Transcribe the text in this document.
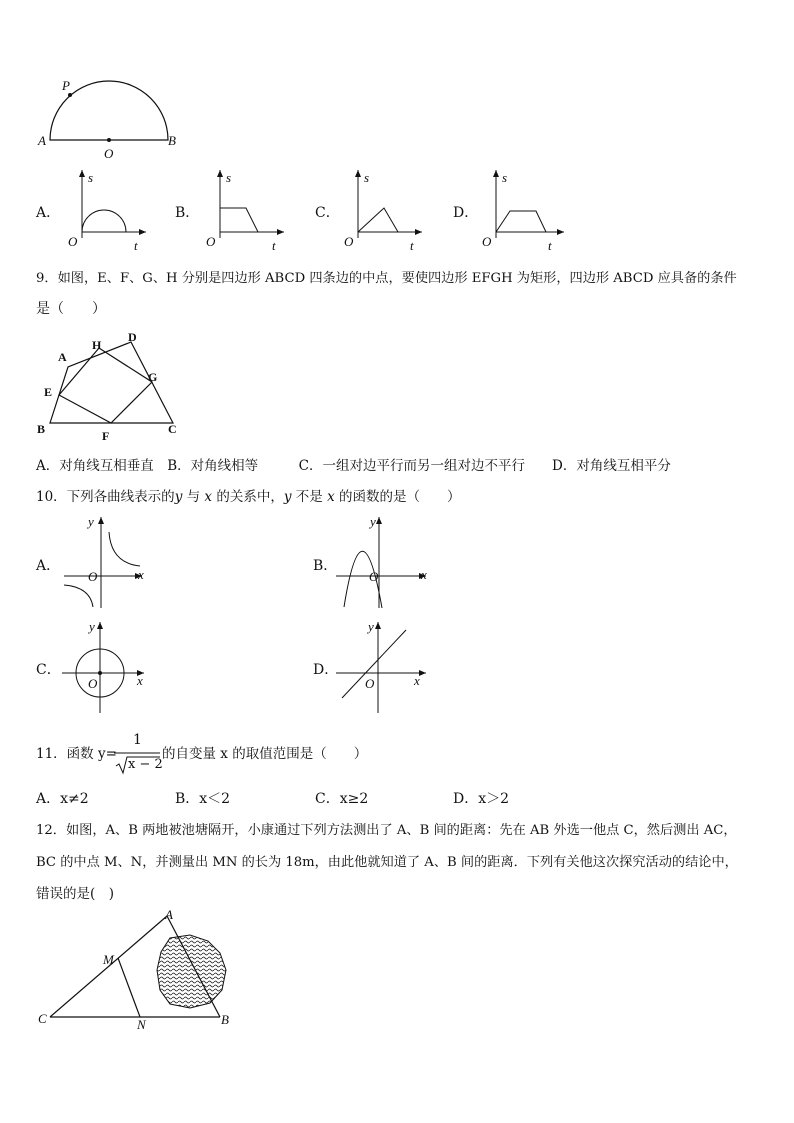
P
A
O
B
A．
s
O	t
B．
s
O	t
C．
s
O	t
D．
s
O	t
9．如图，E、F、G、H 分别是四边形 ABCD 四条边的中点，要使四边形 EFGH 为矩形，四边形 ABCD 应具备的条件
是（　　）
A
H
D
E
G
B	F	C
A．对角线互相垂直　B．对角线相等　　　C．一组对边平行而另一组对边不平行　　D．对角线互相平分
10．下列各曲线表示的y 与 x 的关系中，y 不是 x 的函数的是（　　）
A．
y
O	x
B．
y
O	x
C．
y
O	x
D．
y
O	x
11．函数 y=
1
x − 2
的自变量 x 的取值范围是（　　）
A．x≠2	B．x＜2	C．x≥2	D．x＞2
12．如图，A、B 两地被池塘隔开，小康通过下列方法测出了 A、B 间的距离：先在 AB 外选一他点 C，然后测出 AC，
BC 的中点 M、N，并测量出 MN 的长为 18m，由此他就知道了 A、B 间的距离．下列有关他这次探究活动的结论中，
错误的是(　)
A
M
C	N	B
